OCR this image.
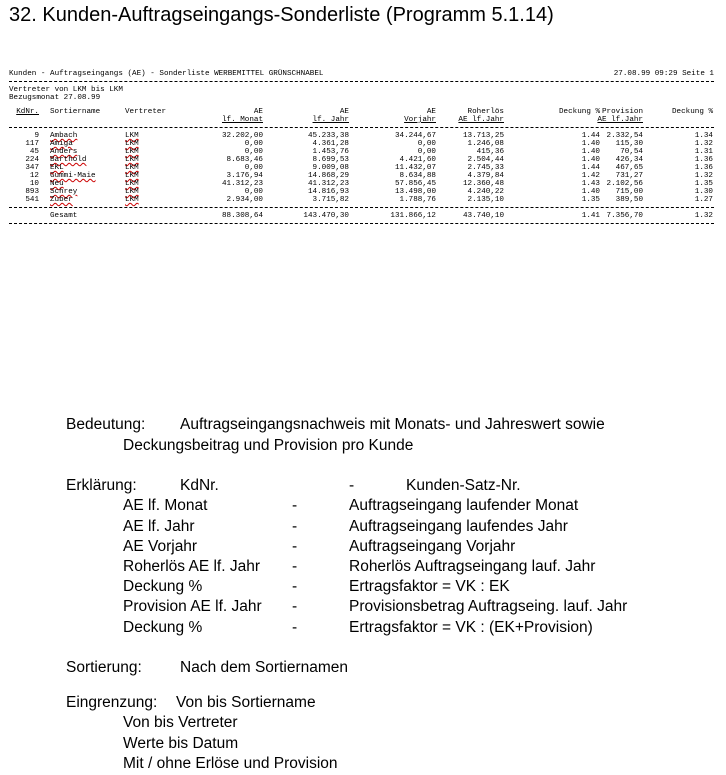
32. Kunden-Auftragseingangs-Sonderliste (Programm 5.1.14)

Kunden - Auftragseingangs (AE) - Sonderliste WERBEMITTEL GRÜNSCHNABEL

	27.08.99 09:29 Seite 1

Vertreter von LKM bis LKM
Bezugsmonat 27.08.99
KdNr. Sortiername	Vertreter	AE	AE	AE	Roherlös	Deckung % Provision	Deckung %
lf. Monat	lf. Jahr	Vorjahr	AE lf.Jahr	AE lf.Jahr
9 Ambach	LKM	32.202,00	45.233,38	34.244,67	13.713,25	1.44 2.332,54	1.34
117 Amiga	LKM	0,00	4.361,28	0,00	1.246,08	1.40 115,30	1.32
45 Anders	LKM	0,00	1.453,76	0,00	415,36	1.40	70,54	1.31
224 Barthold	LKM	8.683,46	8.699,53	4.421,60	2.504,44	1.40 426,34	1.36
347 EKL	LKM	0,00	9.009,08	11.432,07	2.745,33	1.44 467,65	1.36
12 Gummi-Maie	LKM	3.176,94	14.868,29	8.634,88	4.379,84	1.42 731,27	1.32
10 Neu	LKM	41.312,23	41.312,23	57.856,45	12.360,48	1.43 2.102,56	1.35
893 Schrey	LKM	0,00	14.816,93	13.498,00	4.240,22	1.40 715,00	1.30
541 Zuber	LKM	2.934,00	3.715,82	1.788,76	2.135,10	1.35 389,50	1.27
Gesamt	88.308,64	143.470,30	131.866,12	43.740,10	1.41 7.356,70	1.32
Bedeutung: Auftragseingangsnachweis mit Monats- und Jahreswert sowie
Deckungsbeitrag und Provision pro Kunde
Erklärung:	KdNr.	-	Kunden-Satz-Nr.
AE lf. Monat	-	Auftragseingang laufender Monat
AE lf. Jahr	-	Auftragseingang laufendes Jahr
AE Vorjahr	-	Auftragseingang Vorjahr
Roherlös AE lf. Jahr -	Roherlös Auftragseingang lauf. Jahr
Deckung %	-	Ertragsfaktor = VK : EK
Provision AE lf. Jahr -	Provisionsbetrag Auftragseing. lauf. Jahr
Deckung %	-	Ertragsfaktor = VK : (EK+Provision)
Sortierung: Nach dem Sortiernamen
Eingrenzung: Von bis Sortiername
Von bis Vertreter
Werte bis Datum
Mit / ohne Erlöse und Provision
